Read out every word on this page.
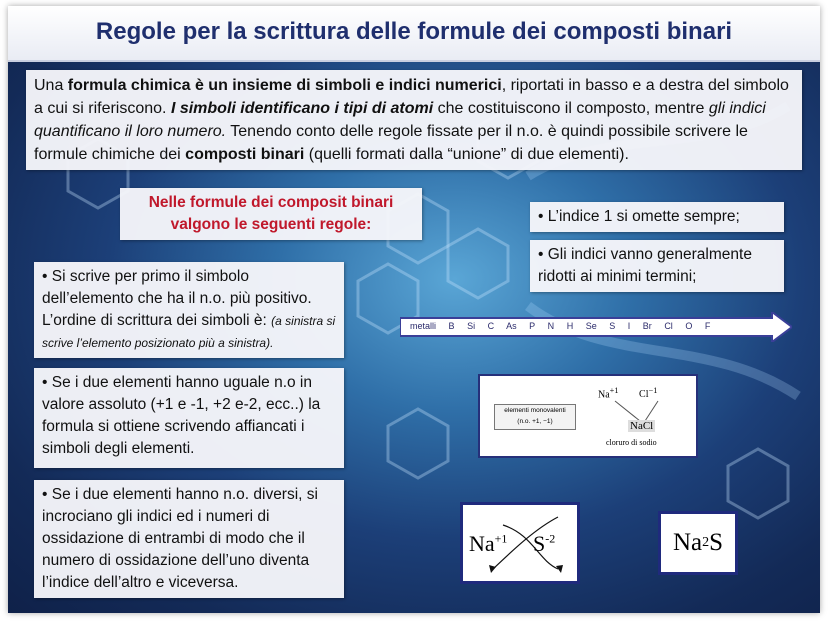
Regole per la scrittura delle formule dei composti binari
Una formula chimica è un insieme di simboli e indici numerici, riportati in basso e a destra del simbolo a cui si riferiscono. I simboli identificano i tipi di atomi che costituiscono il composto, mentre gli indici quantificano il loro numero. Tenendo conto delle regole fissate per il n.o. è quindi possibile scrivere le formule chimiche dei composti binari (quelli formati dalla “unione” di due elementi).
Nelle formule dei composit binari
valgono le seguenti regole:
• Si scrive per primo il simbolo dell’elemento che ha il n.o. più positivo. L’ordine di scrittura dei simboli è: (a sinistra si scrive l’elemento posizionato più a sinistra).
• Se i due elementi hanno uguale n.o in valore assoluto (+1 e -1, +2 e-2, ecc..) la formula si ottiene scrivendo affiancati i simboli degli elementi.
• Se i due elementi hanno n.o. diversi, si incrociano gli indici ed i numeri di ossidazione di entrambi di modo che il numero di ossidazione dell’uno diventa l’indice dell’altro e viceversa.
• L’indice 1 si omette sempre;
• Gli indici vanno generalmente ridotti ai minimi termini;
metalli B Si C As P N H Se S I Br Cl O F
elementi monovalenti
(n.o. +1, −1)
$Na^{+1}$ $Cl^{-1}$
NaCl
cloruro di sodio
$Na^{+1}$ $S^{-2}$	Na 2 S
